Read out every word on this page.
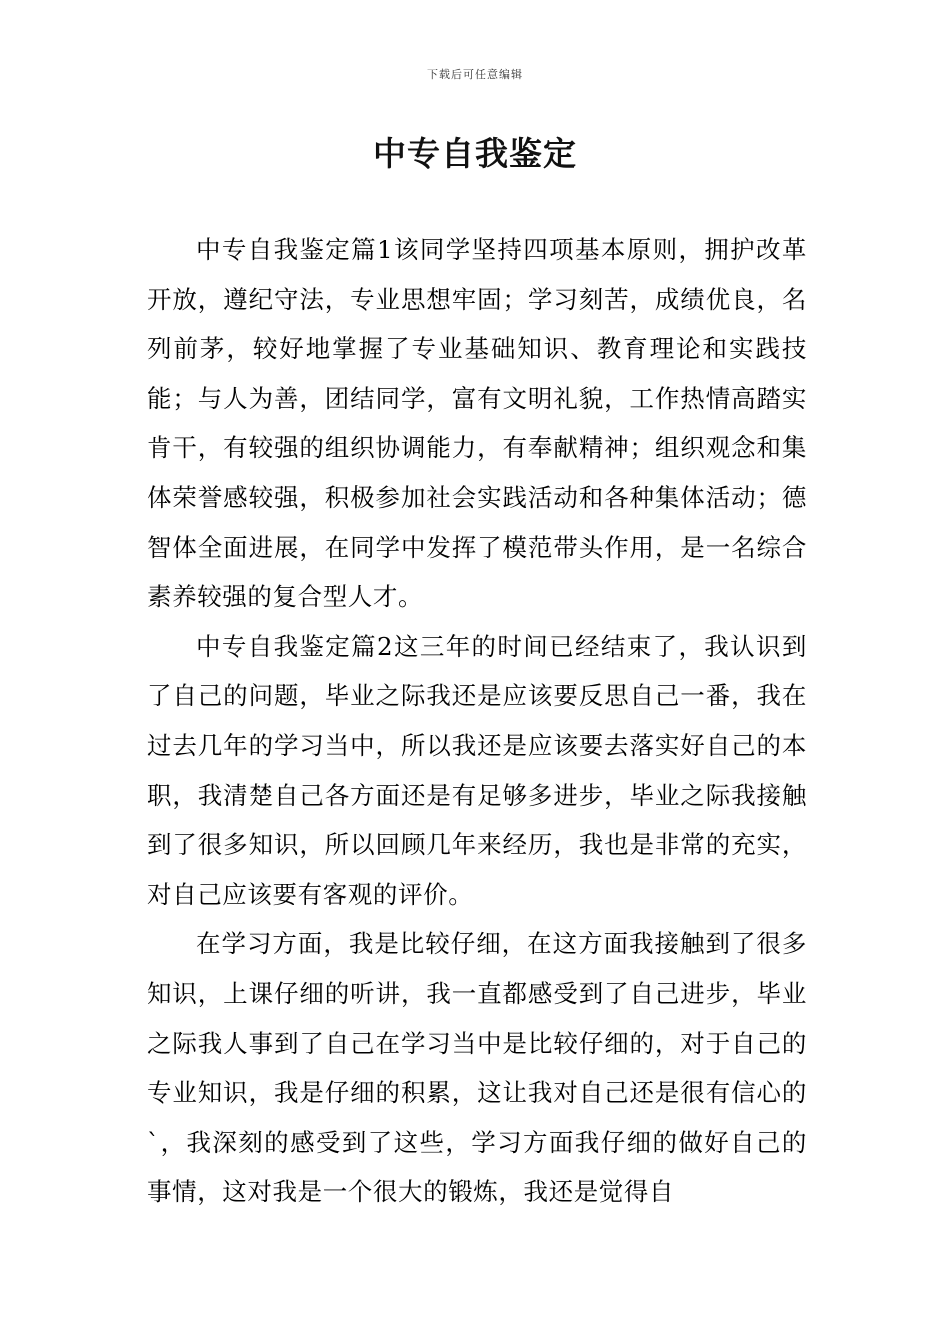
下载后可任意编辑
中专自我鉴定

中专自我鉴定篇1该同学坚持四项基本原则，拥护改革开放，遵纪守法，专业思想牢固；学习刻苦，成绩优良，名列前茅，较好地掌握了专业基础知识、教育理论和实践技能；与人为善，团结同学，富有文明礼貌，工作热情高踏实肯干，有较强的组织协调能力，有奉献精神；组织观念和集体荣誉感较强，积极参加社会实践活动和各种集体活动；德智体全面进展，在同学中发挥了模范带头作用，是一名综合素养较强的复合型人才。

中专自我鉴定篇2这三年的时间已经结束了，我认识到了自己的问题，毕业之际我还是应该要反思自己一番，我在过去几年的学习当中，所以我还是应该要去落实好自己的本职，我清楚自己各方面还是有足够多进步，毕业之际我接触到了很多知识，所以回顾几年来经历，我也是非常的充实，对自己应该要有客观的评价。

在学习方面，我是比较仔细，在这方面我接触到了很多知识，上课仔细的听讲，我一直都感受到了自己进步，毕业之际我人事到了自己在学习当中是比较仔细的，对于自己的专业知识，我是仔细的积累，这让我对自己还是很有信心的`，我深刻的感受到了这些，学习方面我仔细的做好自己的事情，这对我是一个很大的锻炼，我还是觉得自
